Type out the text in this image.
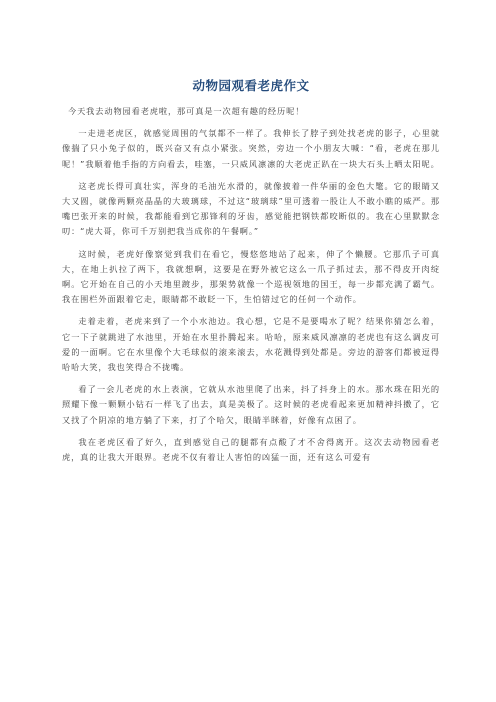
动物园观看老虎作文

今天我去动物园看老虎啦，那可真是一次超有趣的经历呢！

一走进老虎区，就感觉周围的气氛都不一样了。我伸长了脖子到处找老虎的影子，心里就像揣了只小兔子似的，既兴奋又有点小紧张。突然，旁边一个小朋友大喊：“看，老虎在那儿呢！”我顺着他手指的方向看去，哇塞，一只威风凛凛的大老虎正趴在一块大石头上晒太阳呢。

这老虎长得可真壮实，浑身的毛油光水滑的，就像披着一件华丽的金色大氅。它的眼睛又大又圆，就像两颗亮晶晶的大玻璃球，不过这“玻璃球”里可透着一股让人不敢小瞧的威严。那嘴巴张开来的时候，我都能看到它那锋利的牙齿，感觉能把钢铁都咬断似的。我在心里默默念叨：“虎大哥，你可千万别把我当成你的午餐啊。”

这时候，老虎好像察觉到我们在看它，慢悠悠地站了起来，伸了个懒腰。它那爪子可真大，在地上扒拉了两下，我就想啊，这要是在野外被它这么一爪子抓过去，那不得皮开肉绽啊。它开始在自己的小天地里踱步，那架势就像一个巡视领地的国王，每一步都充满了霸气。我在围栏外面跟着它走，眼睛都不敢眨一下，生怕错过它的任何一个动作。

走着走着，老虎来到了一个小水池边。我心想，它是不是要喝水了呢？结果你猜怎么着，它一下子就跳进了水池里，开始在水里扑腾起来。哈哈，原来威风凛凛的老虎也有这么调皮可爱的一面啊。它在水里像个大毛球似的滚来滚去，水花溅得到处都是。旁边的游客们都被逗得哈哈大笑，我也笑得合不拢嘴。

看了一会儿老虎的水上表演，它就从水池里爬了出来，抖了抖身上的水。那水珠在阳光的照耀下像一颗颗小钻石一样飞了出去，真是美极了。这时候的老虎看起来更加精神抖擞了，它又找了个阴凉的地方躺了下来，打了个哈欠，眼睛半眯着，好像有点困了。

我在老虎区看了好久，直到感觉自己的腿都有点酸了才不舍得离开。这次去动物园看老虎，真的让我大开眼界。老虎不仅有着让人害怕的凶猛一面，还有这么可爱有
